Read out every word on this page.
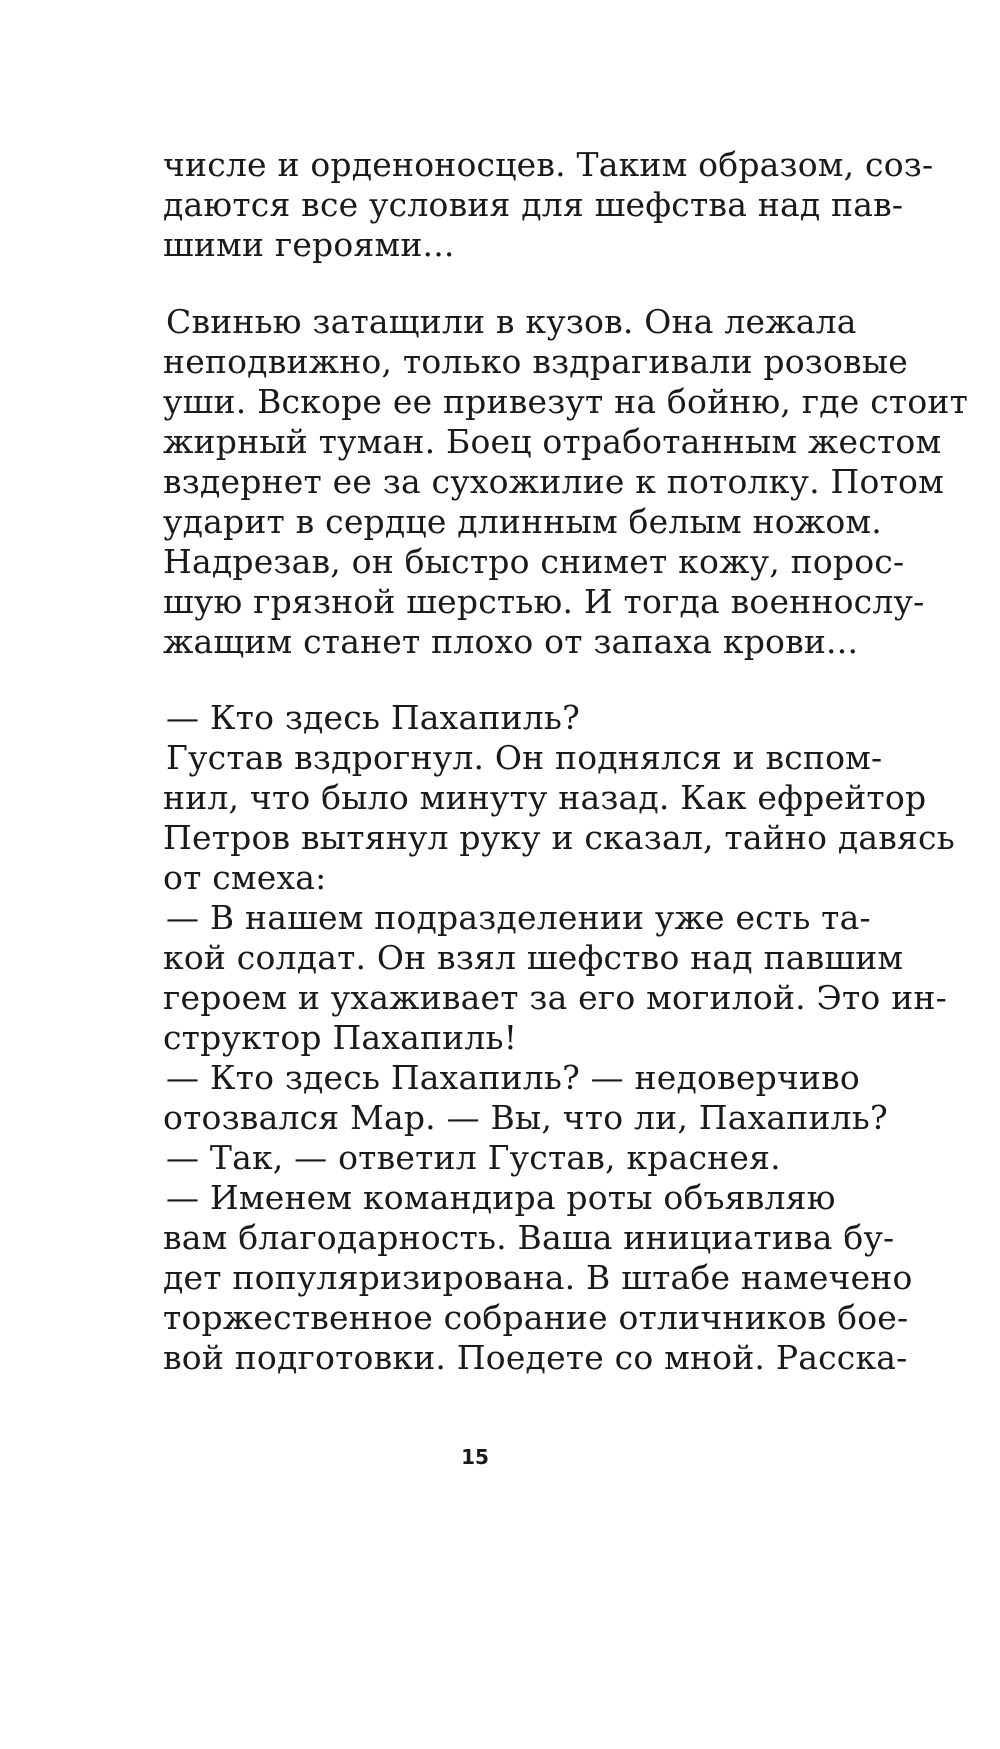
числе и орденоносцев. Таким образом, соз-
даются все условия для шефства над пав-
шими героями...
Свинью затащили в кузов. Она лежала
неподвижно, только вздрагивали розовые
уши. Вскоре ее привезут на бойню, где стоит
жирный туман. Боец отработанным жестом
вздернет ее за сухожилие к потолку. Потом
ударит в сердце длинным белым ножом.
Надрезав, он быстро снимет кожу, порос-
шую грязной шерстью. И тогда военнослу-
жащим станет плохо от запаха крови...
— Кто здесь Пахапиль?
Густав вздрогнул. Он поднялся и вспом-
нил, что было минуту назад. Как ефрейтор
Петров вытянул руку и сказал, тайно давясь
от смеха:
— В нашем подразделении уже есть та-
кой солдат. Он взял шефство над павшим
героем и ухаживает за его могилой. Это ин-
структор Пахапиль!
— Кто здесь Пахапиль? — недоверчиво
отозвался Мар. — Вы, что ли, Пахапиль?
— Так, — ответил Густав, краснея.
— Именем командира роты объявляю
вам благодарность. Ваша инициатива бу-
дет популяризирована. В штабе намечено
торжественное собрание отличников бое-
вой подготовки. Поедете со мной. Расска-
15
